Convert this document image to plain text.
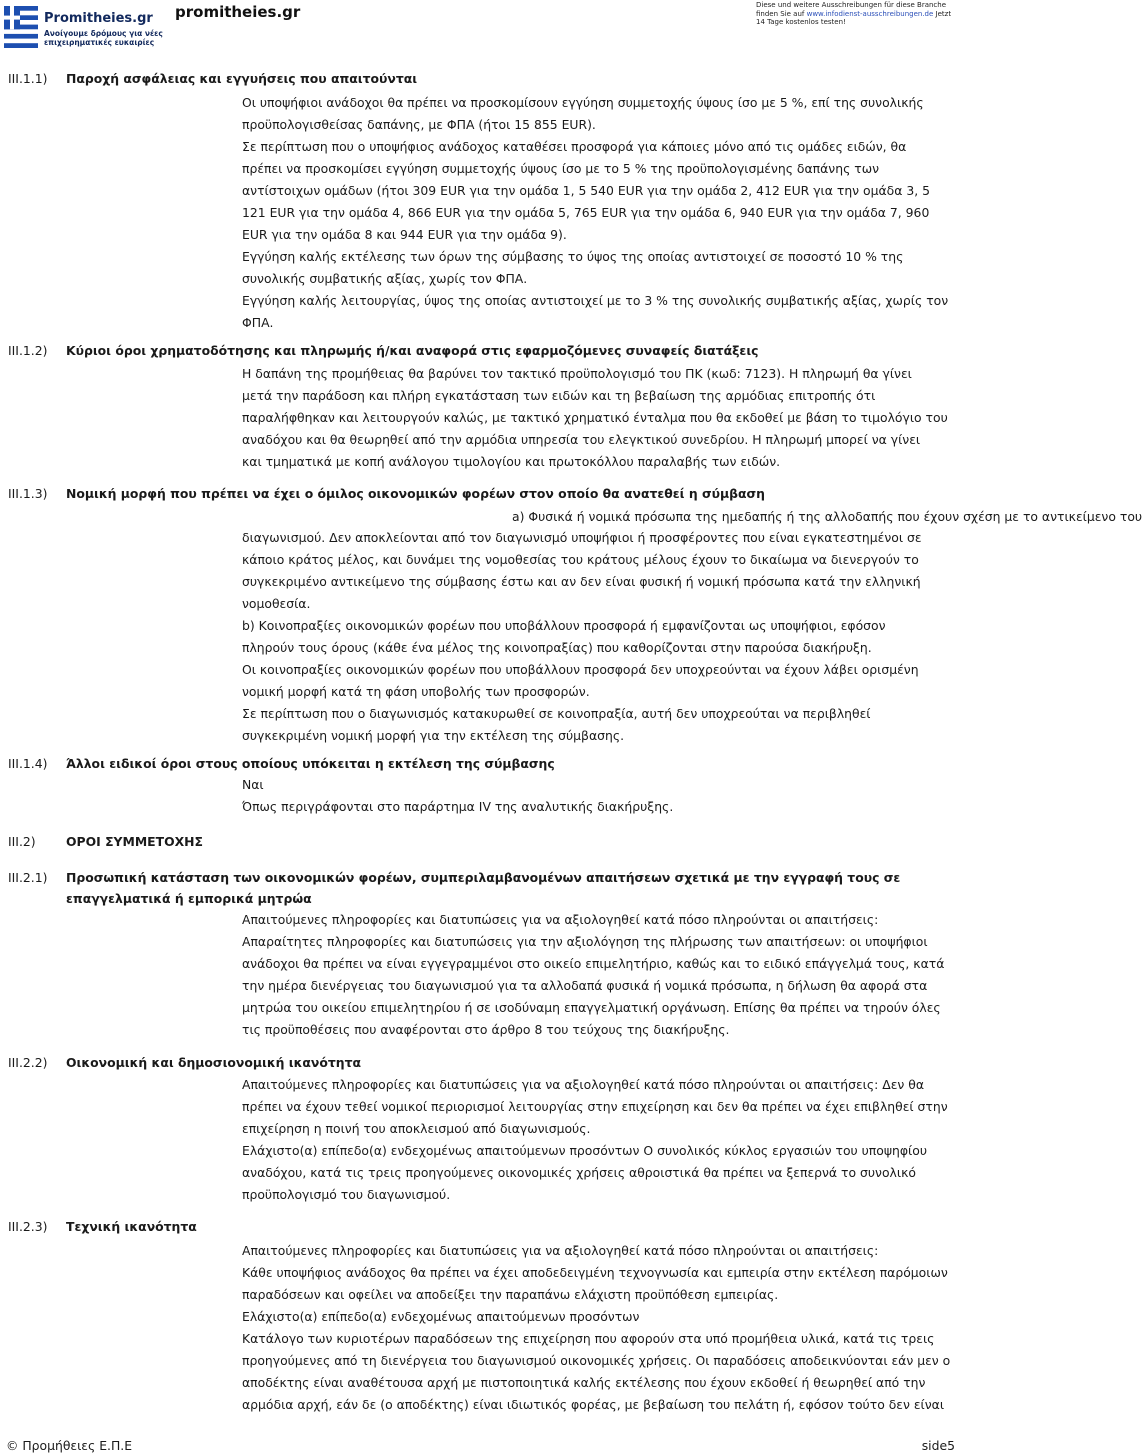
Promitheies.gr
Ανοίγουμε δρόμους για νέες επιχειρηματικές ευκαιρίες
promitheies.gr	Diese und weitere Ausschreibungen für diese Branche finden Sie auf www.infodienst-ausschreibungen.de Jetzt 14 Tage kostenlos testen!
III.1.1) Παροχή ασφάλειας και εγγυήσεις που απαιτούνται
Οι υποψήφιοι ανάδοχοι θα πρέπει να προσκομίσουν εγγύηση συμμετοχής ύψους ίσο με 5 %, επί της συνολικής
προϋπολογισθείσας δαπάνης, με ΦΠΑ (ήτοι 15 855 EUR).
Σε περίπτωση που ο υποψήφιος ανάδοχος καταθέσει προσφορά για κάποιες μόνο από τις ομάδες ειδών, θα
πρέπει να προσκομίσει εγγύηση συμμετοχής ύψους ίσο με το 5 % της προϋπολογισμένης δαπάνης των
αντίστοιχων ομάδων (ήτοι 309 EUR για την ομάδα 1, 5 540 EUR για την ομάδα 2, 412 EUR για την ομάδα 3, 5
121 EUR για την ομάδα 4, 866 EUR για την ομάδα 5, 765 EUR για την ομάδα 6, 940 EUR για την ομάδα 7, 960
EUR για την ομάδα 8 και 944 EUR για την ομάδα 9).
Εγγύηση καλής εκτέλεσης των όρων της σύμβασης το ύψος της οποίας αντιστοιχεί σε ποσοστό 10 % της
συνολικής συμβατικής αξίας, χωρίς τον ΦΠΑ.
Εγγύηση καλής λειτουργίας, ύψος της οποίας αντιστοιχεί με το 3 % της συνολικής συμβατικής αξίας, χωρίς τον
ΦΠΑ.
III.1.2) Κύριοι όροι χρηματοδότησης και πληρωμής ή/και αναφορά στις εφαρμοζόμενες συναφείς διατάξεις
Η δαπάνη της προμήθειας θα βαρύνει τον τακτικό προϋπολογισμό του ΠΚ (κωδ: 7123). Η πληρωμή θα γίνει
μετά την παράδοση και πλήρη εγκατάσταση των ειδών και τη βεβαίωση της αρμόδιας επιτροπής ότι
παραλήφθηκαν και λειτουργούν καλώς, με τακτικό χρηματικό ένταλμα που θα εκδοθεί με βάση το τιμολόγιο του
αναδόχου και θα θεωρηθεί από την αρμόδια υπηρεσία του ελεγκτικού συνεδρίου. Η πληρωμή μπορεί να γίνει
και τμηματικά με κοπή ανάλογου τιμολογίου και πρωτοκόλλου παραλαβής των ειδών.
III.1.3) Νομική μορφή που πρέπει να έχει ο όμιλος οικονομικών φορέων στον οποίο θα ανατεθεί η σύμβαση
a) Φυσικά ή νομικά πρόσωπα της ημεδαπής ή της αλλοδαπής που έχουν σχέση με το αντικείμενο του
διαγωνισμού. Δεν αποκλείονται από τον διαγωνισμό υποψήφιοι ή προσφέροντες που είναι εγκατεστημένοι σε
κάποιο κράτος μέλος, και δυνάμει της νομοθεσίας του κράτους μέλους έχουν το δικαίωμα να διενεργούν το
συγκεκριμένο αντικείμενο της σύμβασης έστω και αν δεν είναι φυσική ή νομική πρόσωπα κατά την ελληνική
νομοθεσία.
b) Κοινοπραξίες οικονομικών φορέων που υποβάλλουν προσφορά ή εμφανίζονται ως υποψήφιοι, εφόσον
πληρούν τους όρους (κάθε ένα μέλος της κοινοπραξίας) που καθορίζονται στην παρούσα διακήρυξη.
Οι κοινοπραξίες οικονομικών φορέων που υποβάλλουν προσφορά δεν υποχρεούνται να έχουν λάβει ορισμένη
νομική μορφή κατά τη φάση υποβολής των προσφορών.
Σε περίπτωση που ο διαγωνισμός κατακυρωθεί σε κοινοπραξία, αυτή δεν υποχρεούται να περιβληθεί
συγκεκριμένη νομική μορφή για την εκτέλεση της σύμβασης.
III.1.4) Άλλοι ειδικοί όροι στους οποίους υπόκειται η εκτέλεση της σύμβασης
Ναι
Όπως περιγράφονται στο παράρτημα IV της αναλυτικής διακήρυξης.
III.2) ΟΡΟΙ ΣΥΜΜΕΤΟΧΗΣ
III.2.1) Προσωπική κατάσταση των οικονομικών φορέων, συμπεριλαμβανομένων απαιτήσεων σχετικά με την εγγραφή τους σε
επαγγελματικά ή εμπορικά μητρώα
Απαιτούμενες πληροφορίες και διατυπώσεις για να αξιολογηθεί κατά πόσο πληρούνται οι απαιτήσεις:
Απαραίτητες πληροφορίες και διατυπώσεις για την αξιολόγηση της πλήρωσης των απαιτήσεων: οι υποψήφιοι
ανάδοχοι θα πρέπει να είναι εγγεγραμμένοι στο οικείο επιμελητήριο, καθώς και το ειδικό επάγγελμά τους, κατά
την ημέρα διενέργειας του διαγωνισμού για τα αλλοδαπά φυσικά ή νομικά πρόσωπα, η δήλωση θα αφορά στα
μητρώα του οικείου επιμελητηρίου ή σε ισοδύναμη επαγγελματική οργάνωση. Επίσης θα πρέπει να τηρούν όλες
τις προϋποθέσεις που αναφέρονται στο άρθρο 8 του τεύχους της διακήρυξης.
III.2.2) Οικονομική και δημοσιονομική ικανότητα
Απαιτούμενες πληροφορίες και διατυπώσεις για να αξιολογηθεί κατά πόσο πληρούνται οι απαιτήσεις: Δεν θα
πρέπει να έχουν τεθεί νομικοί περιορισμοί λειτουργίας στην επιχείρηση και δεν θα πρέπει να έχει επιβληθεί στην
επιχείρηση η ποινή του αποκλεισμού από διαγωνισμούς.
Ελάχιστο(α) επίπεδο(α) ενδεχομένως απαιτούμενων προσόντων Ο συνολικός κύκλος εργασιών του υποψηφίου
αναδόχου, κατά τις τρεις προηγούμενες οικονομικές χρήσεις αθροιστικά θα πρέπει να ξεπερνά το συνολικό
προϋπολογισμό του διαγωνισμού.
III.2.3) Τεχνική ικανότητα
Απαιτούμενες πληροφορίες και διατυπώσεις για να αξιολογηθεί κατά πόσο πληρούνται οι απαιτήσεις:
Κάθε υποψήφιος ανάδοχος θα πρέπει να έχει αποδεδειγμένη τεχνογνωσία και εμπειρία στην εκτέλεση παρόμοιων
παραδόσεων και οφείλει να αποδείξει την παραπάνω ελάχιστη προϋπόθεση εμπειρίας.
Ελάχιστο(α) επίπεδο(α) ενδεχομένως απαιτούμενων προσόντων
Κατάλογο των κυριοτέρων παραδόσεων της επιχείρηση που αφορούν στα υπό προμήθεια υλικά, κατά τις τρεις
προηγούμενες από τη διενέργεια του διαγωνισμού οικονομικές χρήσεις. Οι παραδόσεις αποδεικνύονται εάν μεν ο
αποδέκτης είναι αναθέτουσα αρχή με πιστοποιητικά καλής εκτέλεσης που έχουν εκδοθεί ή θεωρηθεί από την
αρμόδια αρχή, εάν δε (ο αποδέκτης) είναι ιδιωτικός φορέας, με βεβαίωση του πελάτη ή, εφόσον τούτο δεν είναι
© Προμήθειες Ε.Π.Ε	side5
